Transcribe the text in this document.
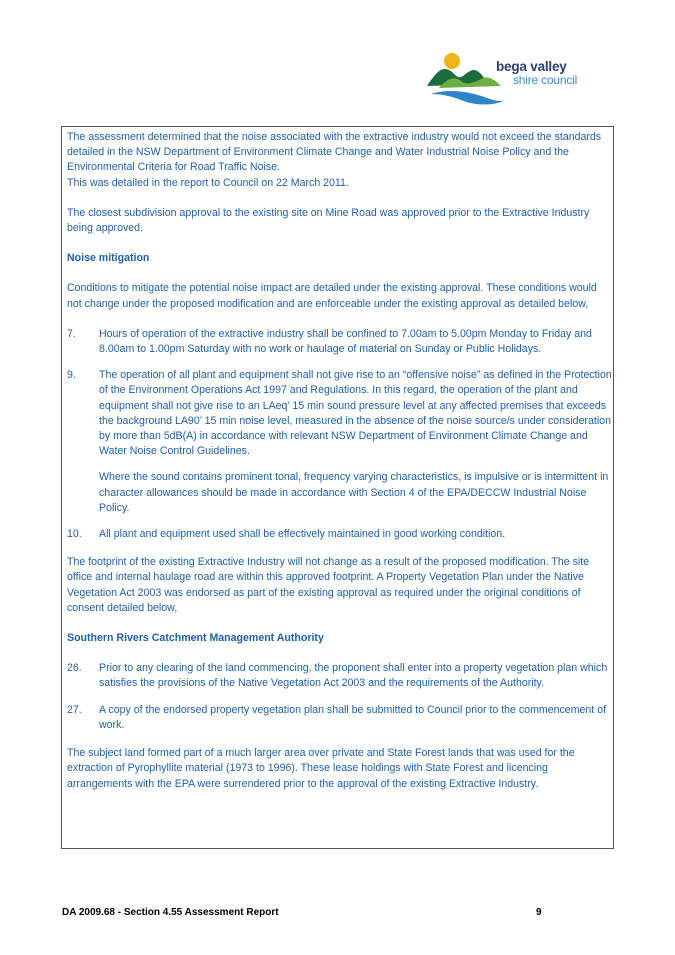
bega valley
shire council

The assessment determined that the noise associated with the extractive industry would not exceed the standards detailed in the NSW Department of Environment Climate Change and Water Industrial Noise Policy and the Environmental Criteria for Road Traffic Noise.

This was detailed in the report to Council on 22 March 2011.

The closest subdivision approval to the existing site on Mine Road was approved prior to the Extractive Industry being approved.

Noise mitigation

Conditions to mitigate the potential noise impact are detailed under the existing approval. These conditions would not change under the proposed modification and are enforceable under the existing approval as detailed below,

7. Hours of operation of the extractive industry shall be confined to 7.00am to 5.00pm Monday to Friday and 8.00am to 1.00pm Saturday with no work or haulage of material on Sunday or Public Holidays.

9. The operation of all plant and equipment shall not give rise to an “offensive noise” as defined in the Protection of the Environment Operations Act 1997 and Regulations. In this regard, the operation of the plant and equipment shall not give rise to an LAeq’ 15 min sound pressure level at any affected premises that exceeds the background LA90’ 15 min noise level, measured in the absence of the noise source/s under consideration by more than 5dB(A) in accordance with relevant NSW Department of Environment Climate Change and Water Noise Control Guidelines.

Where the sound contains prominent tonal, frequency varying characteristics, is impulsive or is intermittent in character allowances should be made in accordance with Section 4 of the EPA/DECCW Industrial Noise Policy.

10. All plant and equipment used shall be effectively maintained in good working condition.

The footprint of the existing Extractive Industry will not change as a result of the proposed modification. The site office and internal haulage road are within this approved footprint. A Property Vegetation Plan under the Native Vegetation Act 2003 was endorsed as part of the existing approval as required under the original conditions of consent detailed below,

Southern Rivers Catchment Management Authority

26. Prior to any clearing of the land commencing, the proponent shall enter into a property vegetation plan which satisfies the provisions of the Native Vegetation Act 2003 and the requirements of the Authority.

27. A copy of the endorsed property vegetation plan shall be submitted to Council prior to the commencement of work.

The subject land formed part of a much larger area over private and State Forest lands that was used for the extraction of Pyrophyllite material (1973 to 1996). These lease holdings with State Forest and licencing arrangements with the EPA were surrendered prior to the approval of the existing Extractive Industry.

DA 2009.68 - Section 4.55 Assessment Report	9
